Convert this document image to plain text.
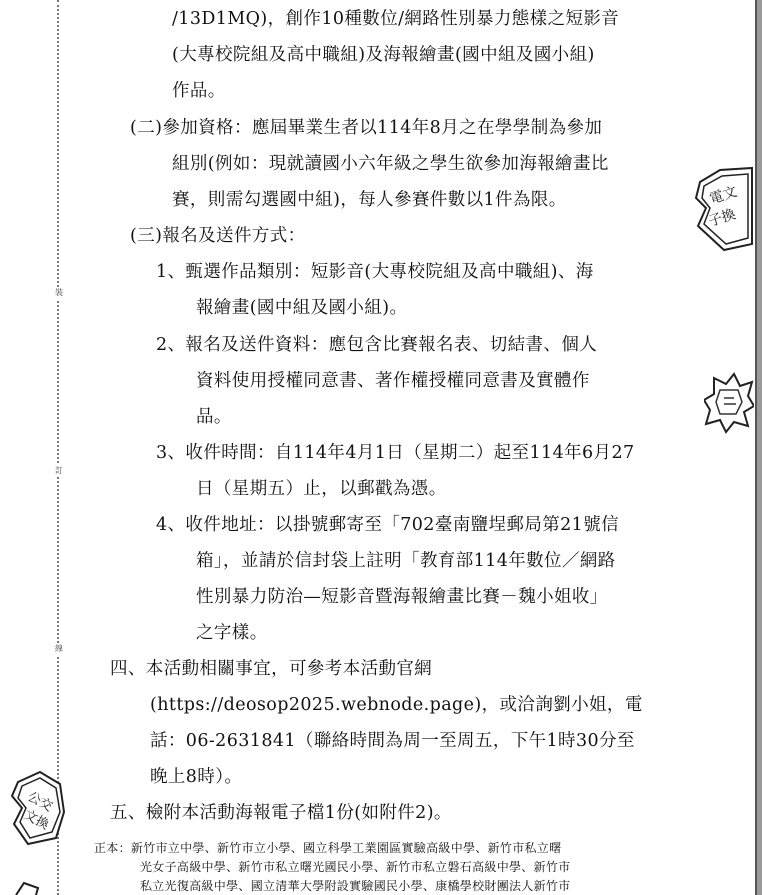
裝
訂
線
/13D1MQ)，創作10種數位/網路性別暴力態樣之短影音
(大專校院組及高中職組)及海報繪畫(國中組及國小組)
作品。
(二)參加資格：應屆畢業生者以114年8月之在學學制為參加
組別(例如：現就讀國小六年級之學生欲參加海報繪畫比
賽，則需勾選國中組)，每人參賽件數以1件為限。
(三)報名及送件方式：
1、甄選作品類別：短影音(大專校院組及高中職組)、海
報繪畫(國中組及國小組)。
2、報名及送件資料：應包含比賽報名表、切結書、個人
資料使用授權同意書、著作權授權同意書及實體作
品。
3、收件時間：自114年4月1日（星期二）起至114年6月27
日（星期五）止，以郵戳為憑。
4、收件地址：以掛號郵寄至「702臺南鹽埕郵局第21號信
箱」，並請於信封袋上註明「教育部114年數位／網路
性別暴力防治—短影音暨海報繪畫比賽－魏小姐收」
之字樣。
四、本活動相關事宜，可參考本活動官網
(https://deosop2025.webnode.page)，或洽詢劉小姐，電
話：06-2631841（聯絡時間為周一至周五，下午1時30分至
晚上8時）。
五、檢附本活動海報電子檔1份(如附件2)。
正本：新竹市立中學、新竹市立小學、國立科學工業園區實驗高級中學、新竹市私立曙
光女子高級中學、新竹市私立曙光國民小學、新竹市私立磐石高級中學、新竹市
私立光復高級中學、國立清華大學附設實驗國民小學、康橋學校財團法人新竹市
電文
子換
公交
文換
